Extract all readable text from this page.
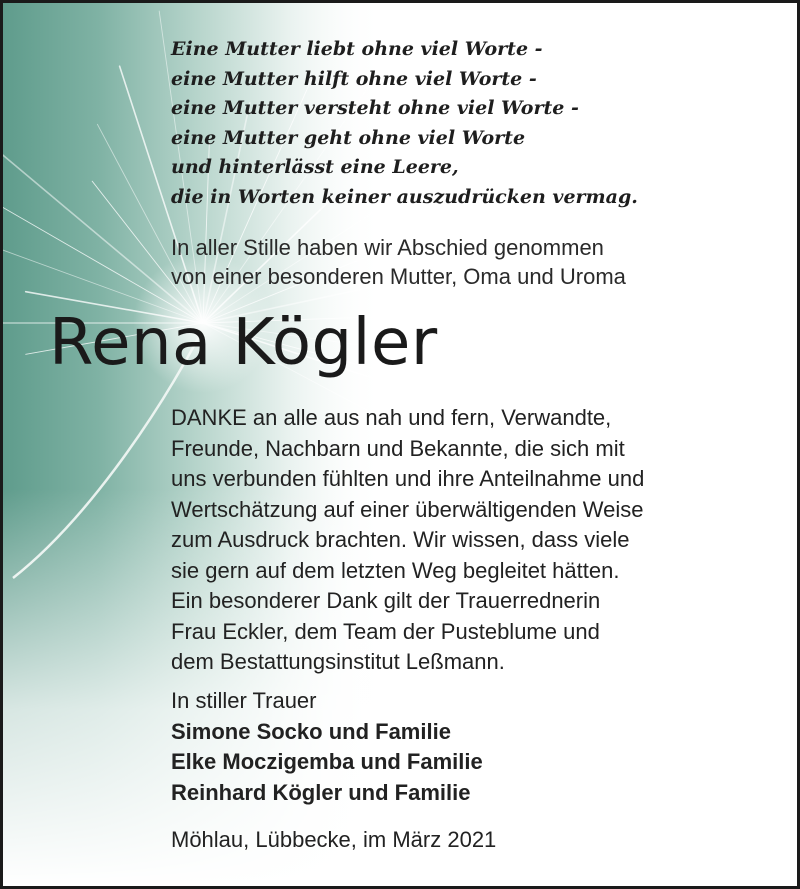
Eine Mutter liebt ohne viel Worte -
eine Mutter hilft ohne viel Worte -
eine Mutter versteht ohne viel Worte -
eine Mutter geht ohne viel Worte
und hinterlässt eine Leere,
die in Worten keiner auszudrücken vermag.
In aller Stille haben wir Abschied genommen
von einer besonderen Mutter, Oma und Uroma
Rena Kögler
DANKE an alle aus nah und fern, Verwandte,
Freunde, Nachbarn und Bekannte, die sich mit
uns verbunden fühlten und ihre Anteilnahme und
Wertschätzung auf einer überwältigenden Weise
zum Ausdruck brachten. Wir wissen, dass viele
sie gern auf dem letzten Weg begleitet hätten.
Ein besonderer Dank gilt der Trauerrednerin
Frau Eckler, dem Team der Pusteblume und
dem Bestattungsinstitut Leßmann.
In stiller Trauer
Simone Socko und Familie
Elke Moczigemba und Familie
Reinhard Kögler und Familie
Möhlau, Lübbecke, im März 2021
